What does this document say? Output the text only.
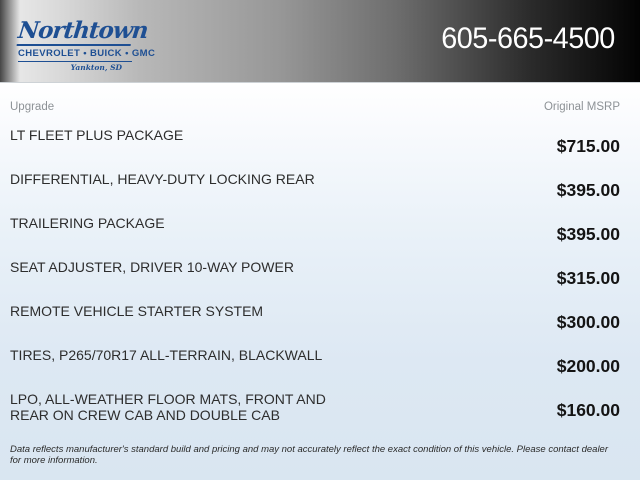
Northtown
CHEVROLET • BUICK • GMC
Yankton, SD
605-665-4500
Upgrade	Original MSRP
LT FLEET PLUS PACKAGE	$715.00
DIFFERENTIAL, HEAVY-DUTY LOCKING REAR	$395.00
TRAILERING PACKAGE	$395.00
SEAT ADJUSTER, DRIVER 10-WAY POWER	$315.00
REMOTE VEHICLE STARTER SYSTEM	$300.00
TIRES, P265/70R17 ALL-TERRAIN, BLACKWALL	$200.00
LPO, ALL-WEATHER FLOOR MATS, FRONT AND REAR ON CREW CAB AND DOUBLE CAB	$160.00
Data reflects manufacturer's standard build and pricing and may not accurately reflect the exact condition of this vehicle. Please contact dealer for more information.
